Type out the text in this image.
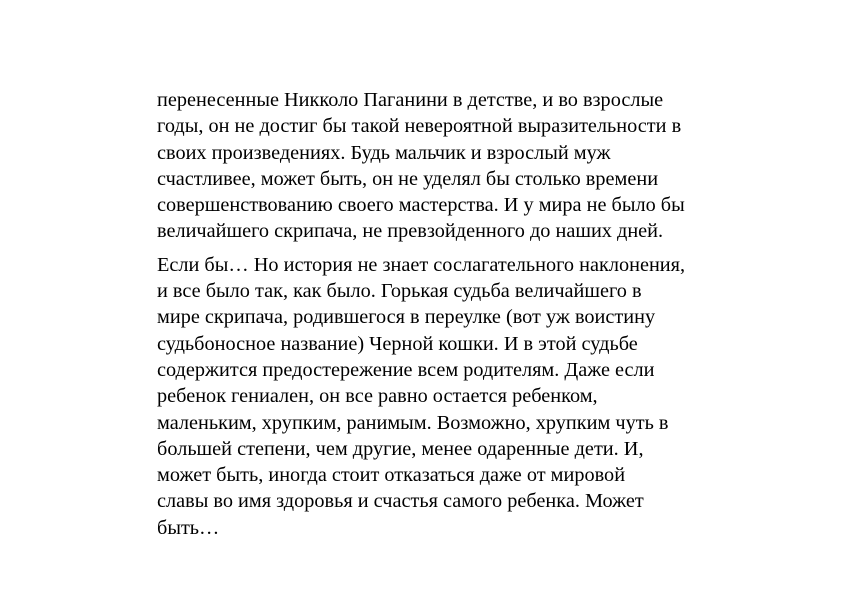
перенесенные Никколо Паганини в детстве, и во взрослые
годы, он не достиг бы такой невероятной выразительности в
своих произведениях. Будь мальчик и взрослый муж
счастливее, может быть, он не уделял бы столько времени
совершенствованию своего мастерства. И у мира не было бы
величайшего скрипача, не превзойденного до наших дней.

Если бы… Но история не знает сослагательного наклонения,
и все было так, как было. Горькая судьба величайшего в
мире скрипача, родившегося в переулке (вот уж воистину
судьбоносное название) Черной кошки. И в этой судьбе
содержится предостережение всем родителям. Даже если
ребенок гениален, он все равно остается ребенком,
маленьким, хрупким, ранимым. Возможно, хрупким чуть в
большей степени, чем другие, менее одаренные дети. И,
может быть, иногда стоит отказаться даже от мировой
славы во имя здоровья и счастья самого ребенка. Может
быть…
